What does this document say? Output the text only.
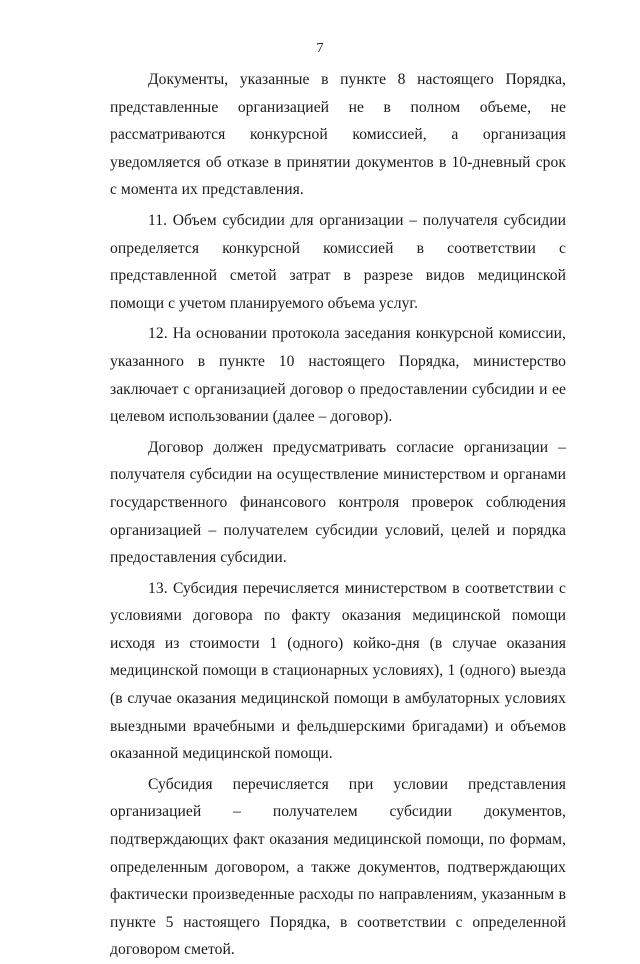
7

Документы, указанные в пункте 8 настоящего Порядка, представленные организацией не в полном объеме, не рассматриваются конкурсной комиссией, а организация уведомляется об отказе в принятии документов в 10-дневный срок с момента их представления.

11. Объем субсидии для организации – получателя субсидии определяется конкурсной комиссией в соответствии с представленной сметой затрат в разрезе видов медицинской помощи с учетом планируемого объема услуг.

12. На основании протокола заседания конкурсной комиссии, указанного в пункте 10 настоящего Порядка, министерство заключает с организацией договор о предоставлении субсидии и ее целевом использовании (далее – договор).

Договор должен предусматривать согласие организации – получателя субсидии на осуществление министерством и органами государственного финансового контроля проверок соблюдения организацией – получателем субсидии условий, целей и порядка предоставления субсидии.

13. Субсидия перечисляется министерством в соответствии с условиями договора по факту оказания медицинской помощи исходя из стоимости 1 (одного) койко-дня (в случае оказания медицинской помощи в стационарных условиях), 1 (одного) выезда (в случае оказания медицинской помощи в амбулаторных условиях выездными врачебными и фельдшерскими бригадами) и объемов оказанной медицинской помощи.

Субсидия перечисляется при условии представления организацией – получателем субсидии документов, подтверждающих факт оказания медицинской помощи, по формам, определенным договором, а также документов, подтверждающих фактически произведенные расходы по направлениям, указанным в пункте 5 настоящего Порядка, в соответствии с определенной договором сметой.
